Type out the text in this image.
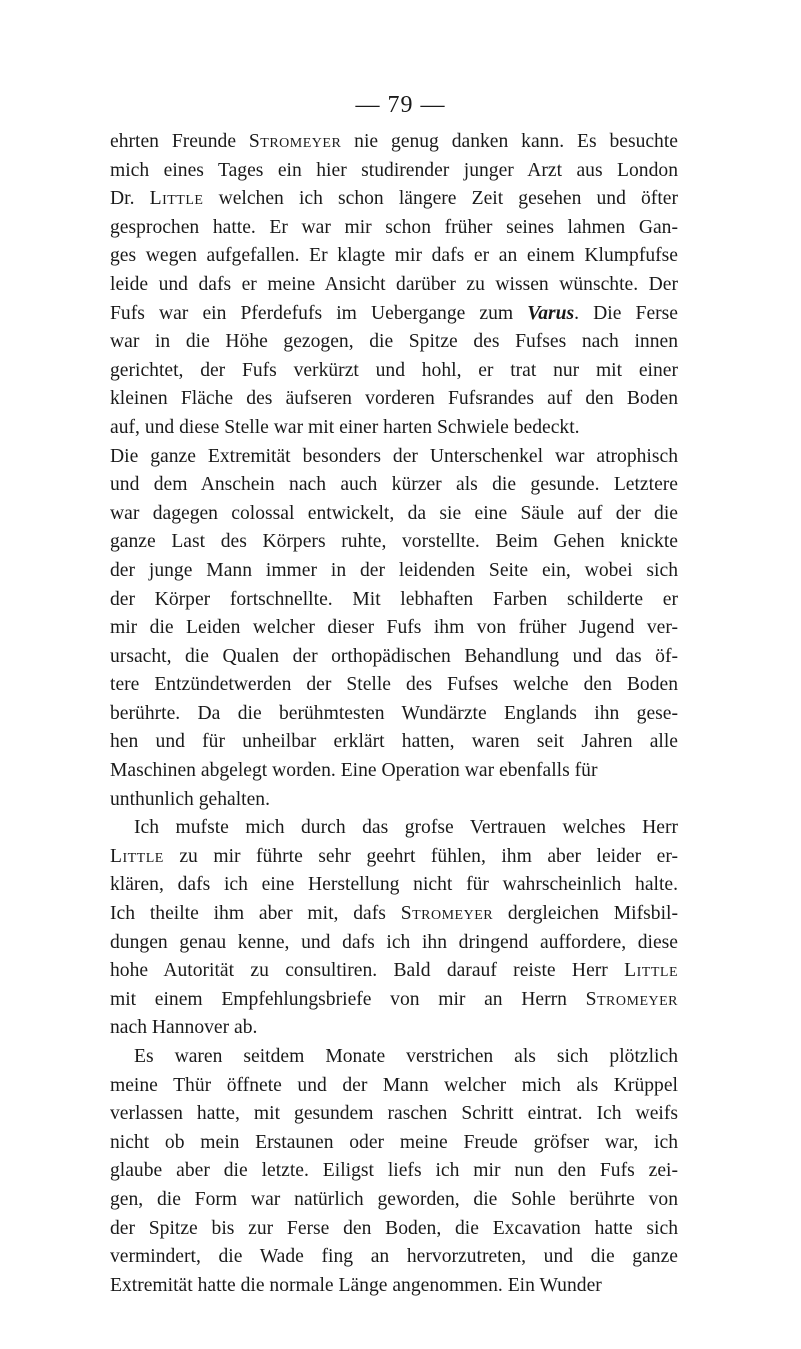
— 79 —
ehrten Freunde Stromeyer nie genug danken kann. Es besuchte
mich eines Tages ein hier studirender junger Arzt aus London
Dr. Little welchen ich schon längere Zeit gesehen und öfter
gesprochen hatte. Er war mir schon früher seines lahmen Gan-
ges wegen aufgefallen. Er klagte mir dafs er an einem Klumpfufse
leide und dafs er meine Ansicht darüber zu wissen wünschte. Der
Fufs war ein Pferdefufs im Uebergange zum Varus. Die Ferse
war in die Höhe gezogen, die Spitze des Fufses nach innen
gerichtet, der Fufs verkürzt und hohl, er trat nur mit einer
kleinen Fläche des äufseren vorderen Fufsrandes auf den Boden
auf, und diese Stelle war mit einer harten Schwiele bedeckt.
Die ganze Extremität besonders der Unterschenkel war atrophisch
und dem Anschein nach auch kürzer als die gesunde. Letztere
war dagegen colossal entwickelt, da sie eine Säule auf der die
ganze Last des Körpers ruhte, vorstellte. Beim Gehen knickte
der junge Mann immer in der leidenden Seite ein, wobei sich
der Körper fortschnellte. Mit lebhaften Farben schilderte er
mir die Leiden welcher dieser Fufs ihm von früher Jugend ver-
ursacht, die Qualen der orthopädischen Behandlung und das öf-
tere Entzündetwerden der Stelle des Fufses welche den Boden
berührte. Da die berühmtesten Wundärzte Englands ihn gese-
hen und für unheilbar erklärt hatten, waren seit Jahren alle
Maschinen abgelegt worden. Eine Operation war ebenfalls für
unthunlich gehalten.
Ich mufste mich durch das grofse Vertrauen welches Herr
Little zu mir führte sehr geehrt fühlen, ihm aber leider er-
klären, dafs ich eine Herstellung nicht für wahrscheinlich halte.
Ich theilte ihm aber mit, dafs Stromeyer dergleichen Mifsbil-
dungen genau kenne, und dafs ich ihn dringend auffordere, diese
hohe Autorität zu consultiren. Bald darauf reiste Herr Little
mit einem Empfehlungsbriefe von mir an Herrn Stromeyer
nach Hannover ab.
Es waren seitdem Monate verstrichen als sich plötzlich
meine Thür öffnete und der Mann welcher mich als Krüppel
verlassen hatte, mit gesundem raschen Schritt eintrat. Ich weifs
nicht ob mein Erstaunen oder meine Freude gröfser war, ich
glaube aber die letzte. Eiligst liefs ich mir nun den Fufs zei-
gen, die Form war natürlich geworden, die Sohle berührte von
der Spitze bis zur Ferse den Boden, die Excavation hatte sich
vermindert, die Wade fing an hervorzutreten, und die ganze
Extremität hatte die normale Länge angenommen. Ein Wunder
